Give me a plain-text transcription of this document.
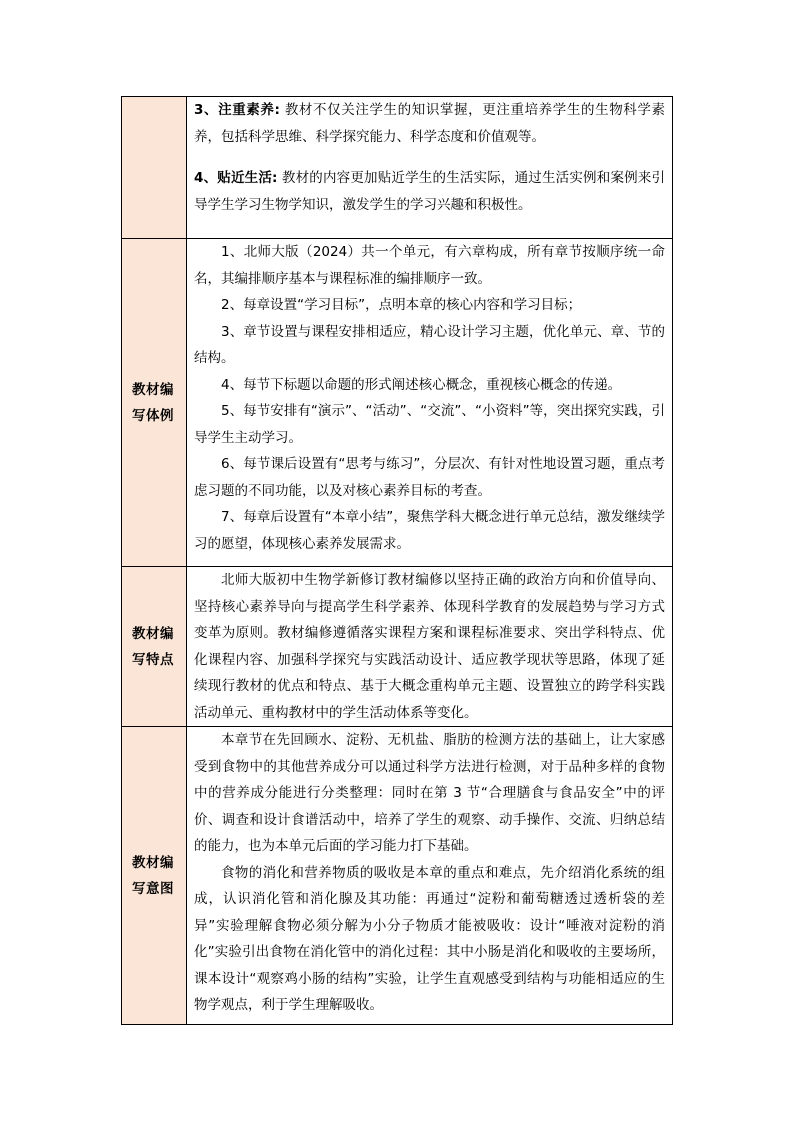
3、注重素养: 教材不仅关注学生的知识掌握，更注重培养学生的生物科学素养，包括科学思维、科学探究能力、科学态度和价值观等。

4、贴近生活: 教材的内容更加贴近学生的生活实际，通过生活实例和案例来引导学生学习生物学知识，激发学生的学习兴趣和积极性。

教材编写体例

1、北师大版（2024）共一个单元，有六章构成，所有章节按顺序统一命名，其编排顺序基本与课程标准的编排顺序一致。

2、每章设置“学习目标”，点明本章的核心内容和学习目标；

3、章节设置与课程安排相适应，精心设计学习主题，优化单元、章、节的结构。

4、每节下标题以命题的形式阐述核心概念，重视核心概念的传递。

5、每节安排有“演示”、“活动”、“交流”、“小资料”等，突出探究实践，引导学生主动学习。

6、每节课后设置有“思考与练习”，分层次、有针对性地设置习题，重点考虑习题的不同功能，以及对核心素养目标的考查。

7、每章后设置有“本章小结”，聚焦学科大概念进行单元总结，激发继续学习的愿望，体现核心素养发展需求。

教材编写特点

北师大版初中生物学新修订教材编修以坚持正确的政治方向和价值导向、坚持核心素养导向与提高学生科学素养、体现科学教育的发展趋势与学习方式变革为原则。教材编修遵循落实课程方案和课程标准要求、突出学科特点、优化课程内容、加强科学探究与实践活动设计、适应教学现状等思路，体现了延续现行教材的优点和特点、基于大概念重构单元主题、设置独立的跨学科实践活动单元、重构教材中的学生活动体系等变化。

教材编写意图

本章节在先回顾水、淀粉、无机盐、脂肪的检测方法的基础上，让大家感受到食物中的其他营养成分可以通过科学方法进行检测，对于品种多样的食物中的营养成分能进行分类整理：同时在第 3 节“合理膳食与食品安全”中的评价、调查和设计食谱活动中，培养了学生的观察、动手操作、交流、归纳总结的能力，也为本单元后面的学习能力打下基础。

食物的消化和营养物质的吸收是本章的重点和难点，先介绍消化系统的组成，认识消化管和消化腺及其功能：再通过“淀粉和葡萄糖透过透析袋的差异”实验理解食物必须分解为小分子物质才能被吸收：设计“唾液对淀粉的消化”实验引出食物在消化管中的消化过程：其中小肠是消化和吸收的主要场所，课本设计“观察鸡小肠的结构”实验，让学生直观感受到结构与功能相适应的生物学观点，利于学生理解吸收。
